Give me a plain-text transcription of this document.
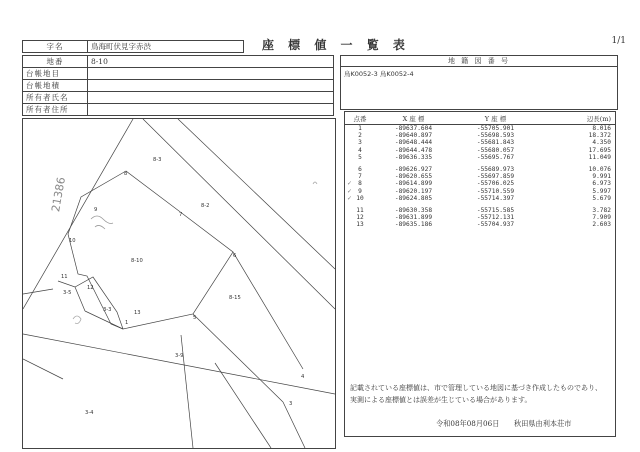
1/1
座 標 値 一 覧 表
字名	鳥海町伏見字赤渋
地番	8-10
台帳地目	
台帳地積	
所有者氏名	
所有者住所	
8-3
8-2
8-10
8-15
3-5
3-3
3-9
3-4
1
4
3
5
6
7
8
9
10
11
12
13
21386
地 籍 図 番 号
鳥K0052-3 鳥K0052-4
点番	X 座 標	Y 座 標	辺長(m)

1	-89637.604	-55705.901	8.016

2	-89640.897	-55698.593	18.372

3	-89648.444	-55681.843	4.350

4	-89644.478	-55680.057	17.695

5	-89636.335	-55695.767	11.049

6	-89626.927	-55689.973	10.076

7	-89620.655	-55697.859	9.991

✓ 8	-89614.899	-55706.025	6.973

✓ 9	-89620.197	-55710.559	5.997

✓ 10	-89624.805	-55714.397	5.679

11	-89630.358	-55715.585	3.782

12	-89631.899	-55712.131	7.909

13	-89635.186	-55704.937	2.603
記載されている座標値は、市で管理している地図に基づき作成したものであり、
実測による座標値とは誤差が生じている場合があります。
令和08年08月06日 秋田県由利本荘市
